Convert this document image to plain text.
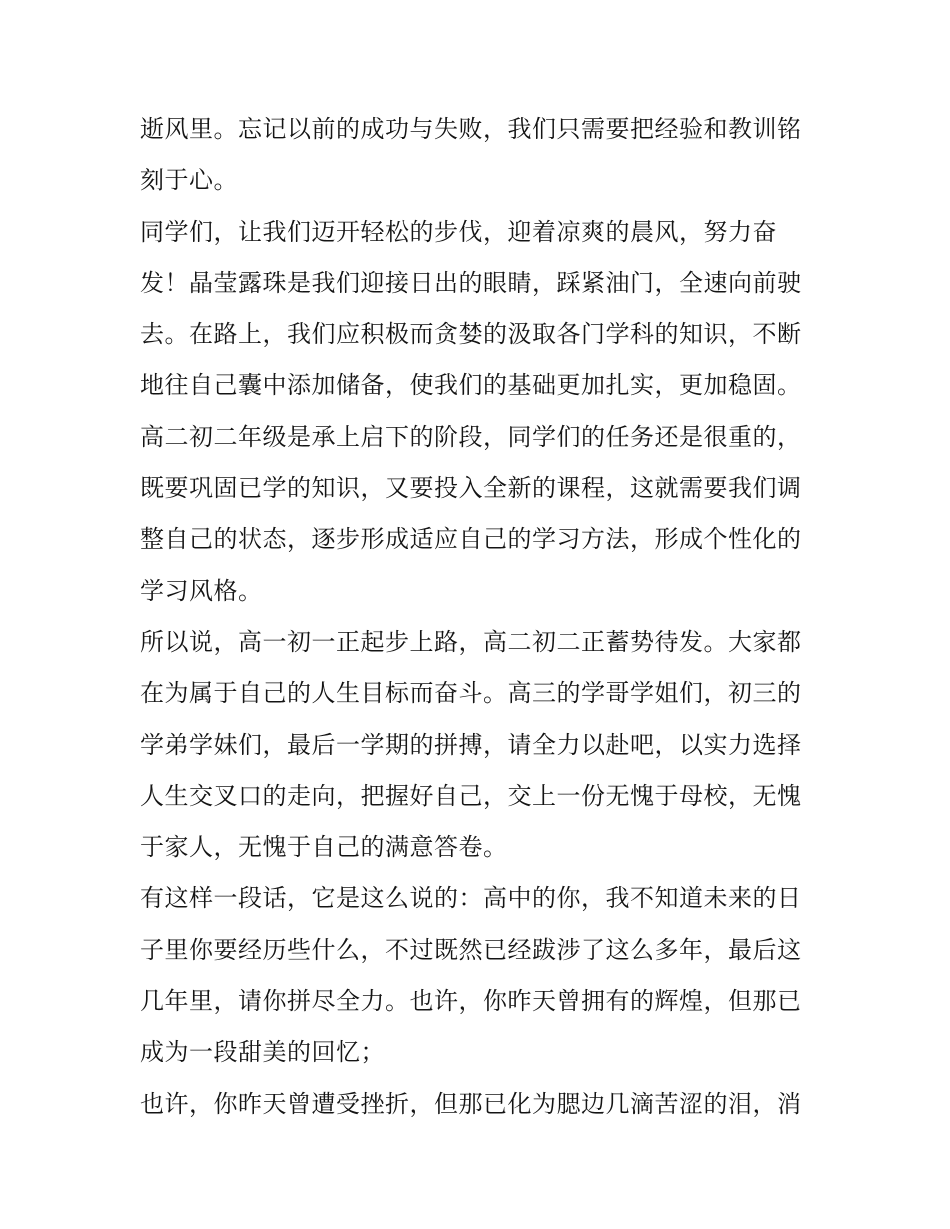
逝风里。忘记以前的成功与失败，我们只需要把经验和教训铭
刻于心。
同学们，让我们迈开轻松的步伐，迎着凉爽的晨风，努力奋
发！晶莹露珠是我们迎接日出的眼睛，踩紧油门，全速向前驶
去。在路上，我们应积极而贪婪的汲取各门学科的知识，不断
地往自己囊中添加储备，使我们的基础更加扎实，更加稳固。
高二初二年级是承上启下的阶段，同学们的任务还是很重的，
既要巩固已学的知识，又要投入全新的课程，这就需要我们调
整自己的状态，逐步形成适应自己的学习方法，形成个性化的
学习风格。
所以说，高一初一正起步上路，高二初二正蓄势待发。大家都
在为属于自己的人生目标而奋斗。高三的学哥学姐们，初三的
学弟学妹们，最后一学期的拼搏，请全力以赴吧，以实力选择
人生交叉口的走向，把握好自己，交上一份无愧于母校，无愧
于家人，无愧于自己的满意答卷。
有这样一段话，它是这么说的：高中的你，我不知道未来的日
子里你要经历些什么，不过既然已经跋涉了这么多年，最后这
几年里，请你拼尽全力。也许，你昨天曾拥有的辉煌，但那已
成为一段甜美的回忆；
也许，你昨天曾遭受挫折，但那已化为腮边几滴苦涩的泪，消
